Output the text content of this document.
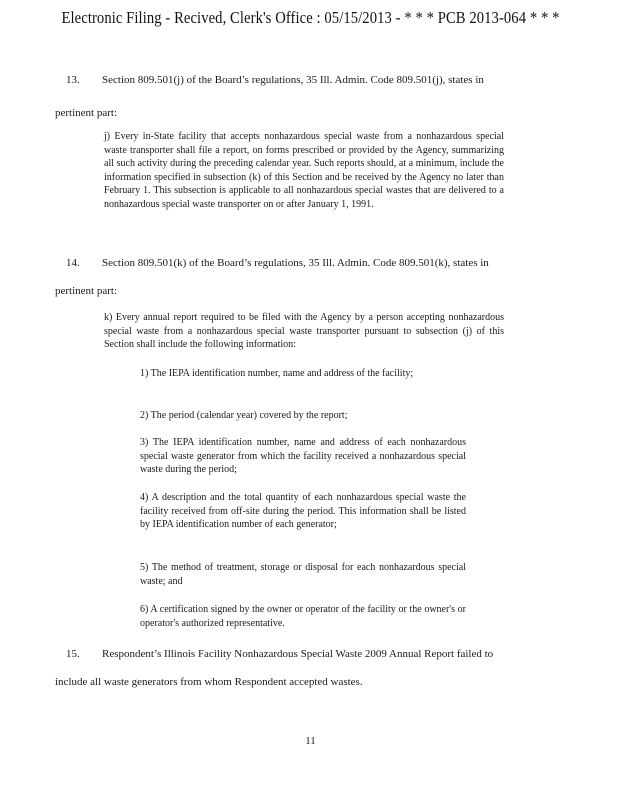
Electronic Filing - Recived, Clerk's Office : 05/15/2013 - * * * PCB 2013-064 * * *
13. Section 809.501(j) of the Board’s regulations, 35 Ill. Admin. Code 809.501(j), states in
pertinent part:
j) Every in-State facility that accepts nonhazardous special waste from a nonhazardous special waste transporter shall file a report, on forms prescribed or provided by the Agency, summarizing all such activity during the preceding calendar year. Such reports should, at a minimum, include the information specified in subsection (k) of this Section and be received by the Agency no later than February 1. This subsection is applicable to all nonhazardous special wastes that are delivered to a nonhazardous special waste transporter on or after January 1, 1991.
14. Section 809.501(k) of the Board’s regulations, 35 Ill. Admin. Code 809.501(k), states in
pertinent part:
k) Every annual report required to be filed with the Agency by a person accepting nonhazardous special waste from a nonhazardous special waste transporter pursuant to subsection (j) of this Section shall include the following information:
1) The IEPA identification number, name and address of the facility;
2) The period (calendar year) covered by the report;
3) The IEPA identification number, name and address of each nonhazardous special waste generator from which the facility received a nonhazardous special waste during the period;
4) A description and the total quantity of each nonhazardous special waste the facility received from off-site during the period. This information shall be listed by IEPA identification number of each generator;
5) The method of treatment, storage or disposal for each nonhazardous special waste; and
6) A certification signed by the owner or operator of the facility or the owner's or operator's authorized representative.
15. Respondent’s Illinois Facility Nonhazardous Special Waste 2009 Annual Report failed to
include all waste generators from whom Respondent accepted wastes.
11
